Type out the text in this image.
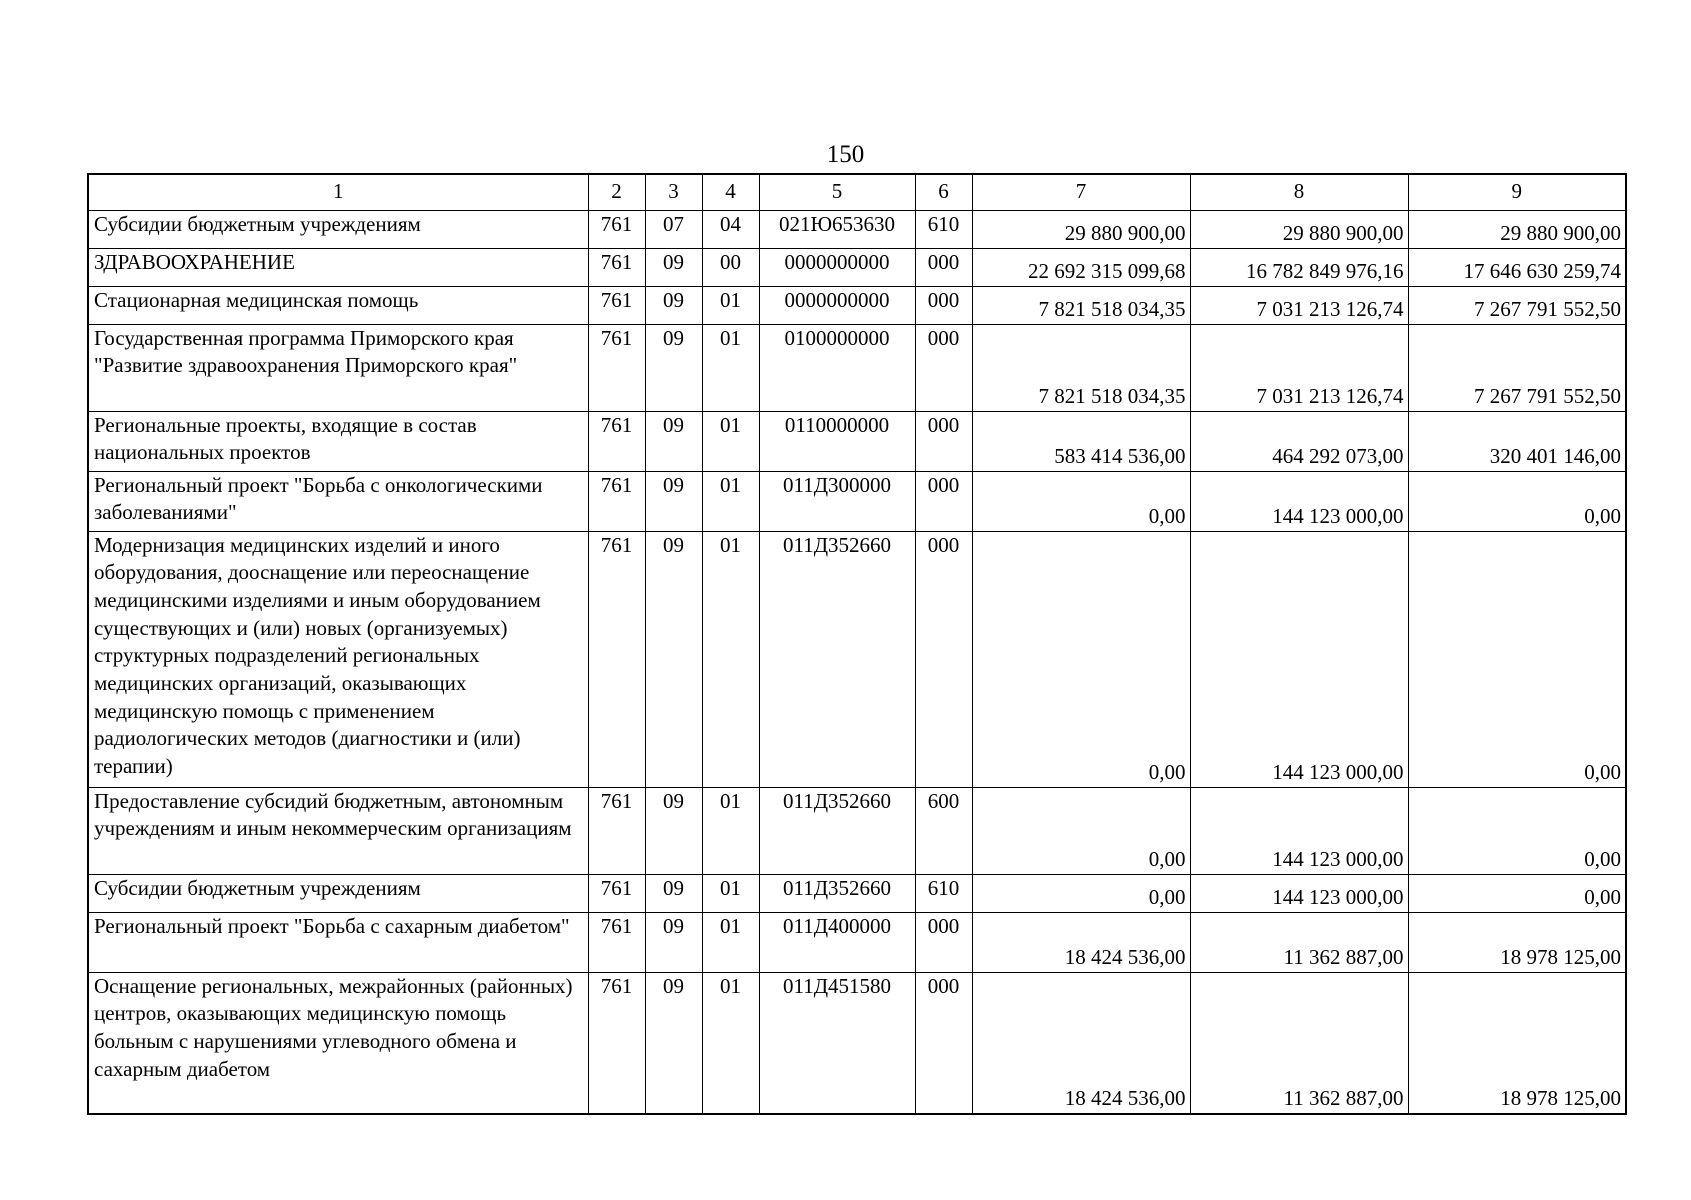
150
1	2	3	4	5	6	7	8	9
Субсидии бюджетным учреждениям	761	07	04	021Ю653630	610	29 880 900,00	29 880 900,00	29 880 900,00
ЗДРАВООХРАНЕНИЕ	761	09	00	0000000000	000	22 692 315 099,68	16 782 849 976,16	17 646 630 259,74
Стационарная медицинская помощь	761	09	01	0000000000	000	7 821 518 034,35	7 031 213 126,74	7 267 791 552,50
Государственная программа Приморского края "Развитие здравоохранения Приморского края"	761	09	01	0100000000	000	7 821 518 034,35	7 031 213 126,74	7 267 791 552,50
Региональные проекты, входящие в состав национальных проектов	761	09	01	0110000000	000	583 414 536,00	464 292 073,00	320 401 146,00
Региональный проект "Борьба с онкологическими заболеваниями"	761	09	01	011Д300000	000	0,00	144 123 000,00	0,00
Модернизация медицинских изделий и иного оборудования, дооснащение или переоснащение медицинскими изделиями и иным оборудованием существующих и (или) новых (организуемых) структурных подразделений региональных медицинских организаций, оказывающих медицинскую помощь с применением радиологических методов (диагностики и (или) терапии)	761	09	01	011Д352660	000	0,00	144 123 000,00	0,00
Предоставление субсидий бюджетным, автономным учреждениям и иным некоммерческим организациям	761	09	01	011Д352660	600	0,00	144 123 000,00	0,00
Субсидии бюджетным учреждениям	761	09	01	011Д352660	610	0,00	144 123 000,00	0,00
Региональный проект "Борьба с сахарным диабетом"	761	09	01	011Д400000	000	18 424 536,00	11 362 887,00	18 978 125,00
Оснащение региональных, межрайонных (районных) центров, оказывающих медицинскую помощь больным с нарушениями углеводного обмена и сахарным диабетом	761	09	01	011Д451580	000	18 424 536,00	11 362 887,00	18 978 125,00
